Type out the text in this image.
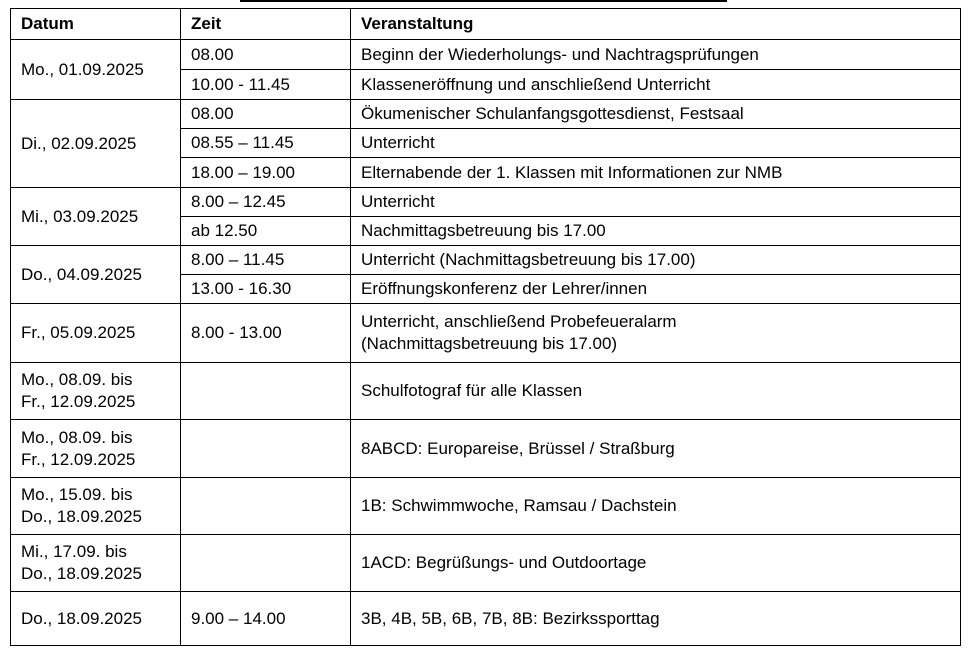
Datum	Zeit	Veranstaltung
Mo., 01.09.2025	08.00	Beginn der Wiederholungs- und Nachtragsprüfungen
	10.00 - 11.45	Klasseneröffnung und anschließend Unterricht
Di., 02.09.2025	08.00	Ökumenischer Schulanfangsgottesdienst, Festsaal
	08.55 – 11.45	Unterricht
	18.00 – 19.00	Elternabende der 1. Klassen mit Informationen zur NMB
Mi., 03.09.2025	8.00 – 12.45	Unterricht
	ab 12.50	Nachmittagsbetreuung bis 17.00
Do., 04.09.2025	8.00 – 11.45	Unterricht (Nachmittagsbetreuung bis 17.00)
	13.00 - 16.30	Eröffnungskonferenz der Lehrer/innen
Fr., 05.09.2025	8.00 - 13.00	Unterricht, anschließend Probefeueralarm
(Nachmittagsbetreuung bis 17.00)

Mo., 08.09. bis
Fr., 12.09.2025		Schulfotograf für alle Klassen

Mo., 08.09. bis
Fr., 12.09.2025		8ABCD: Europareise, Brüssel / Straßburg

Mo., 15.09. bis
Do., 18.09.2025		1B: Schwimmwoche, Ramsau / Dachstein

Mi., 17.09. bis
Do., 18.09.2025		1ACD: Begrüßungs- und Outdoortage
Do., 18.09.2025	9.00 – 14.00	3B, 4B, 5B, 6B, 7B, 8B: Bezirkssporttag
